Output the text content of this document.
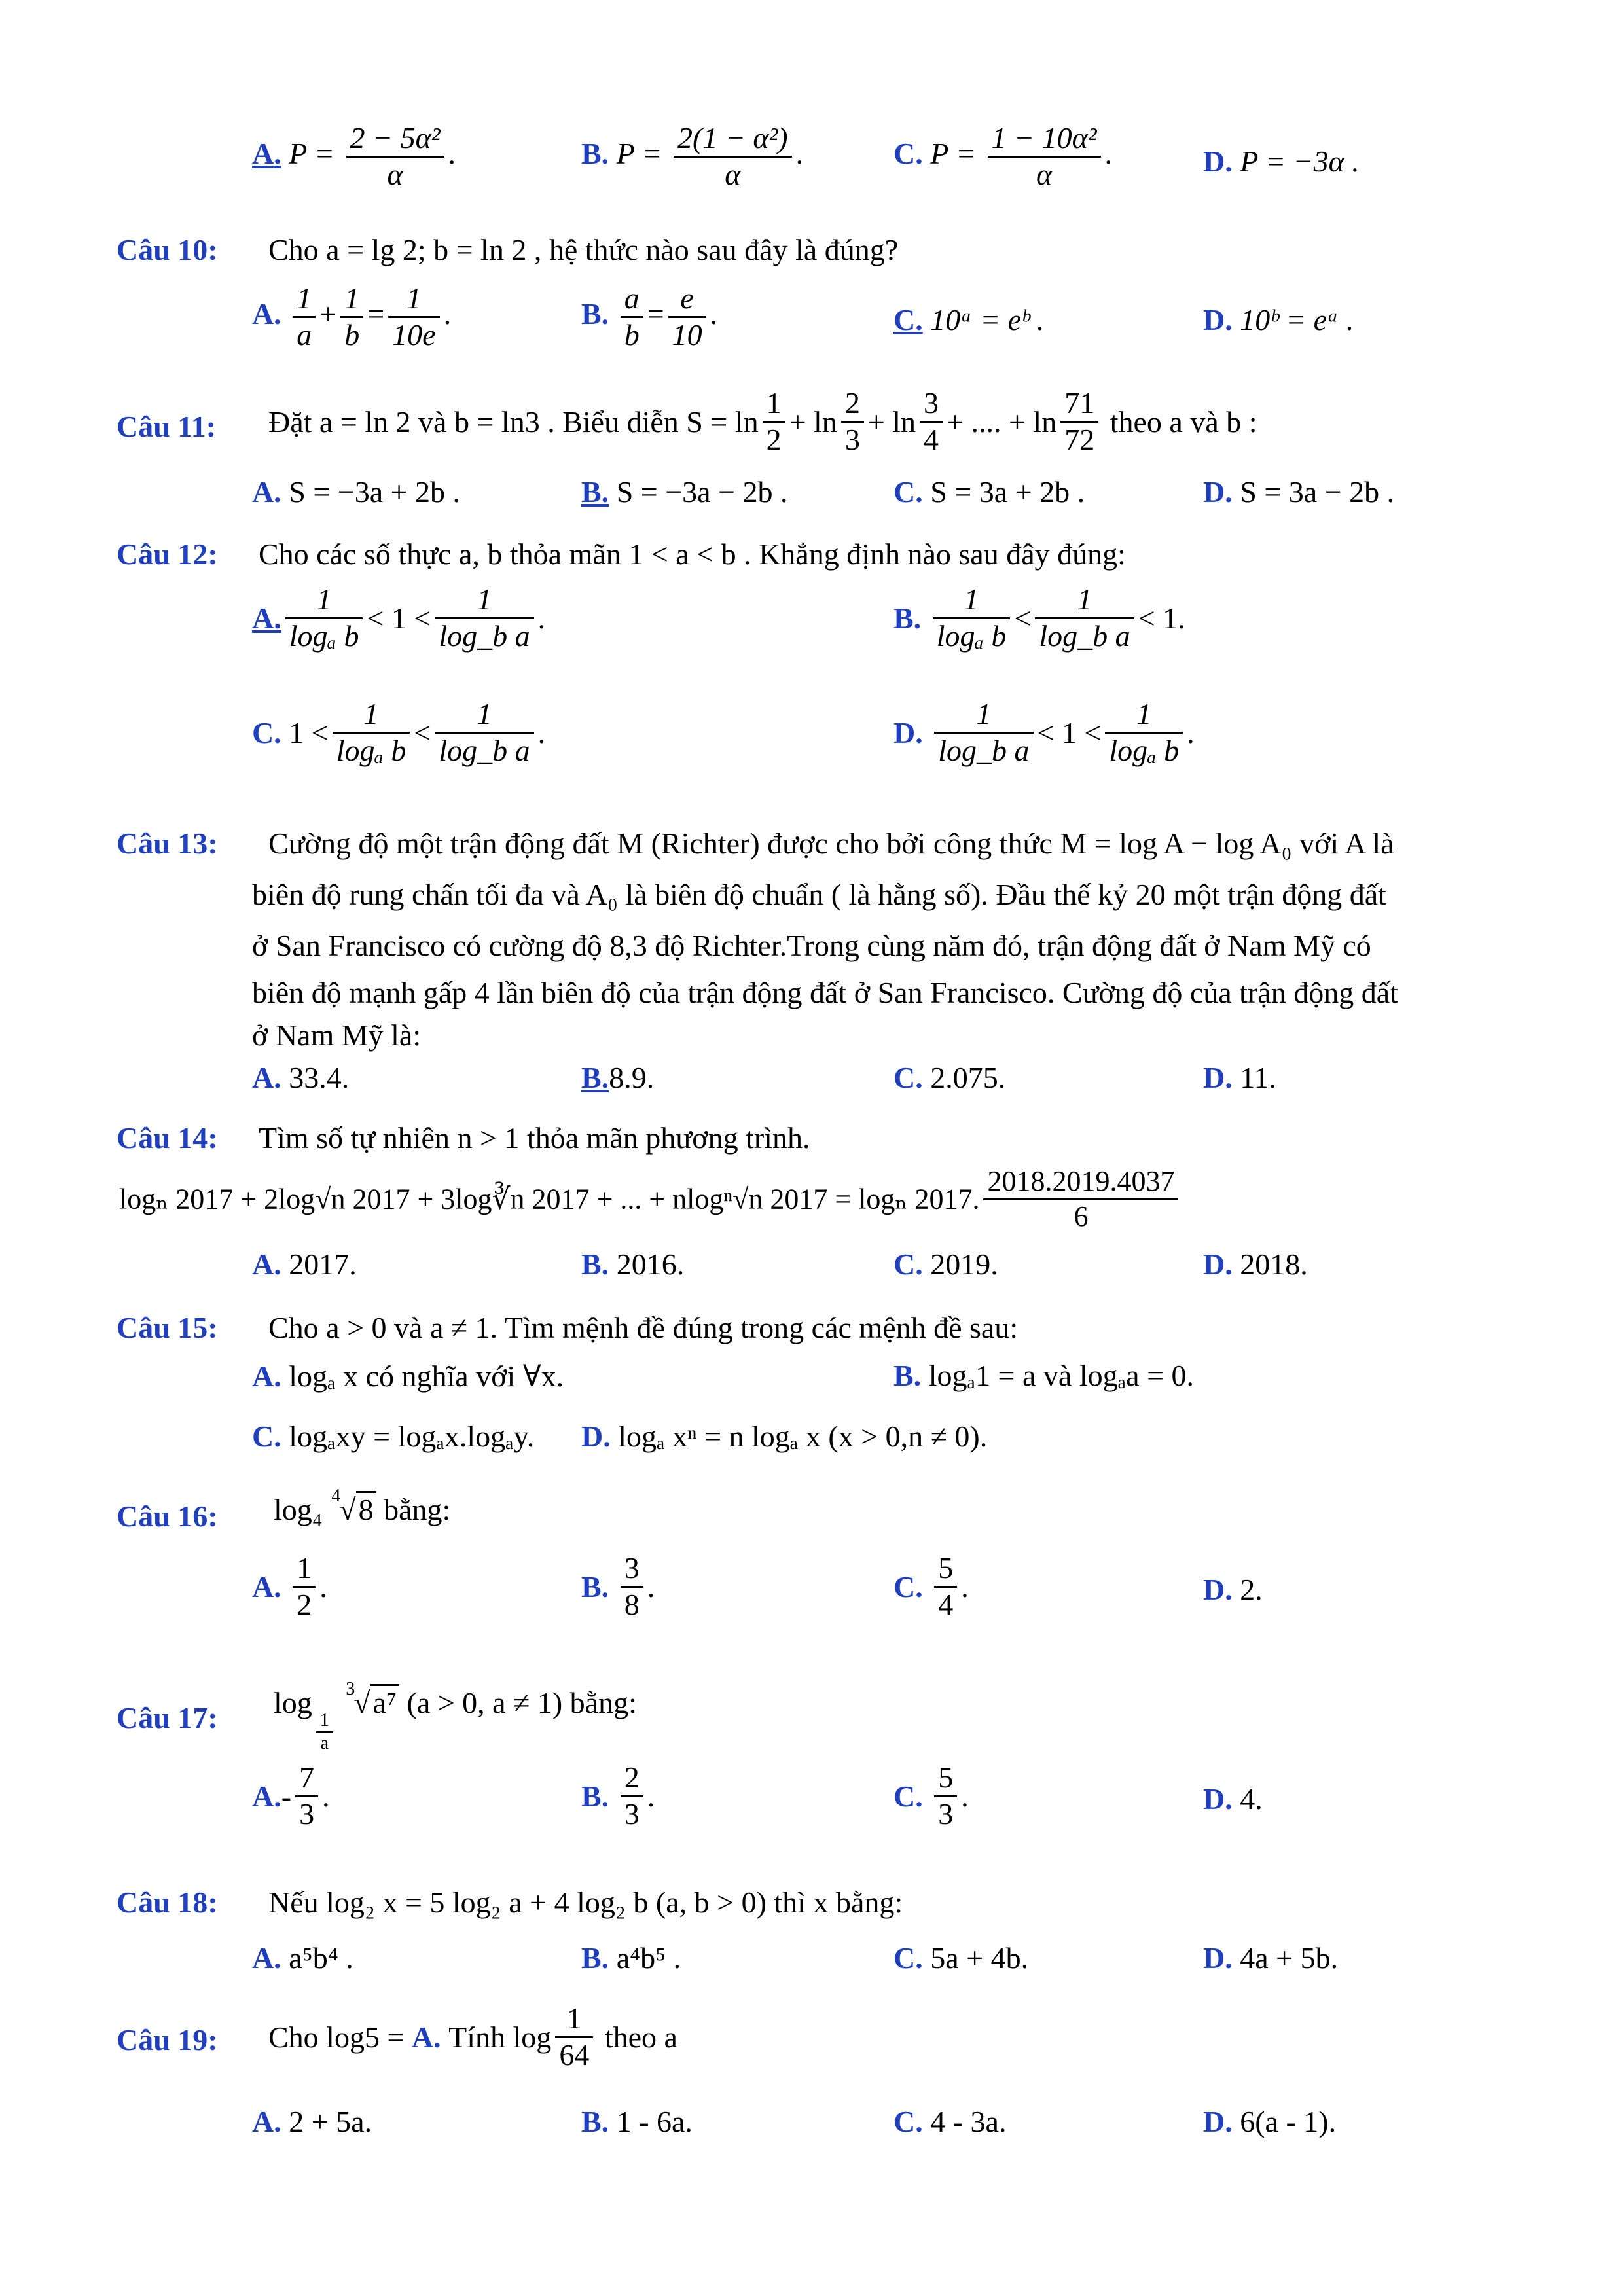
A. $P = \frac{\text{2 − 5α²}}{\alpha}$ .	B. $P = \frac{\text{2(1 − α²)}}{\alpha}$ .	C. $P = \frac{\text{1 − 10α²}}{\alpha}$ .	D. P = −3α .
Câu 10: Cho a = lg 2; b = ln 2 , hệ thức nào sau đây là đúng?
A. $\frac{1}{a} + \frac{1}{b} = \frac{1}{10e}$ .	B. $\frac{a}{b} = \frac{e}{10}$ .	C. 10ᵃ = eᵇ .	D. 10ᵇ = eᵃ .
Câu 11: Đặt a = ln 2 và b = ln3 . Biểu diễn $S = \ln \frac{1}{2} + \ln \frac{2}{3} + \ln \frac{3}{4}$ + .... + $\ln \frac{71}{72}$ theo a và b :
A. S = −3a + 2b .	B. S = −3a − 2b .	C. S = 3a + 2b .	D. S = 3a − 2b .
Câu 12: Cho các số thực a, b thỏa mãn 1 < a < b . Khẳng định nào sau đây đúng:
A. $\frac{1}{\text{logₐ b}} < 1 < \frac{1}{\text{log\_b a}}$ .	B. $\frac{1}{\text{logₐ b}} < \frac{1}{\text{log\_b a}} < 1$.
C. $1 < \frac{1}{\text{logₐ b}} < \frac{1}{\text{log\_b a}}$ .	D. $\frac{1}{\text{log\_b a}} < 1 < \frac{1}{\text{logₐ b}}$ .
Câu 13: Cường độ một trận động đất M (Richter) được cho bởi công thức M = log A − log A₀ với A là
biên độ rung chấn tối đa và A₀ là biên độ chuẩn ( là hằng số). Đầu thế kỷ 20 một trận động đất
ở San Francisco có cường độ 8,3 độ Richter.Trong cùng năm đó, trận động đất ở Nam Mỹ có
biên độ mạnh gấp 4 lần biên độ của trận động đất ở San Francisco. Cường độ của trận động đất
ở Nam Mỹ là:
A. 33.4.	B.8.9.	C. 2.075.	D. 11.
Câu 14: Tìm số tự nhiên n > 1 thỏa mãn phương trình.
logₙ 2017 + 2log√n 2017 + 3log∛n 2017 + ... + nlogⁿ√n 2017 = logₙ 2017. $\frac{2018.2019.4037}{6}$
A. 2017.	B. 2016.	C. 2019.	D. 2018.
Câu 15: Cho a > 0 và a ≠ 1. Tìm mệnh đề đúng trong các mệnh đề sau:
A. logₐ x có nghĩa với ∀x.	B. logₐ1 = a và logₐa = 0.
C. logₐxy = logₐx.logₐy. D. logₐ xⁿ = n logₐ x (x > 0,n ≠ 0).
Câu 16: log₄ 4
√8 bằng:
A. $\frac{1}{2}$ .	B. $\frac{3}{8}$ .	C. $\frac{5}{4}$ .	D. 2.
Câu 17: log
$\frac{1}{a}$

3
√a⁷ (a > 0, a ≠ 1) bằng:
$A.- \frac{7}{3}$ .	B. $\frac{2}{3}$ .	C. $\frac{5}{3}$ .	D. 4.
Câu 18: Nếu log₂ x = 5 log₂ a + 4 log₂ b (a, b > 0) thì x bằng:
A. a⁵b⁴ .	B. a⁴b⁵ .	C. 5a + 4b.	D. 4a + 5b.
Câu 19: Cho log5 = A. Tính $\log \frac{1}{64}$ theo a
A. 2 + 5a.	B. 1 - 6a.	C. 4 - 3a.	D. 6(a - 1).
